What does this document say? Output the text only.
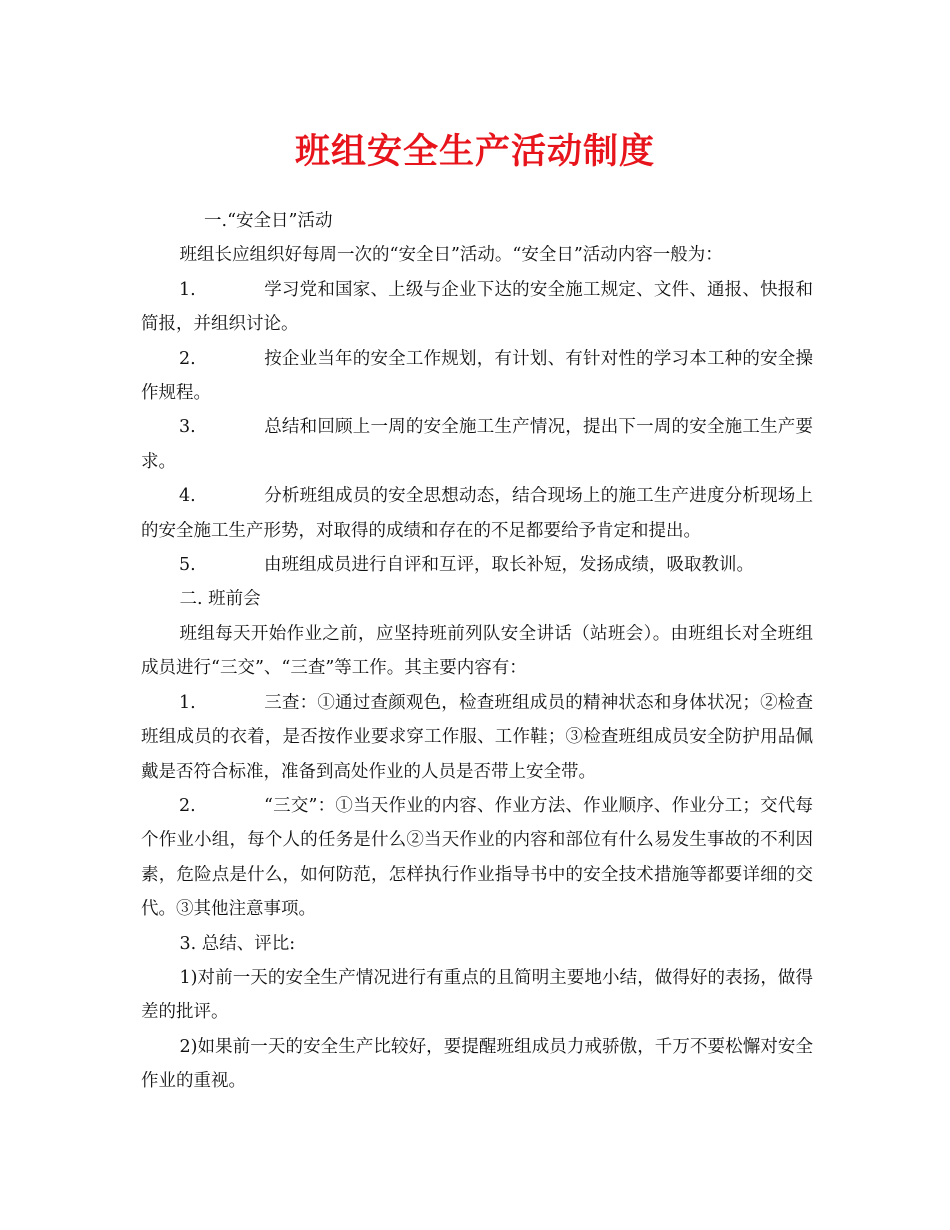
班组安全生产活动制度

一.“安全日”活动

班组长应组织好每周一次的“安全日”活动。“安全日”活动内容一般为：

1.	学习党和国家、上级与企业下达的安全施工规定、文件、通报、快报和简报，并组织讨论。

2.	按企业当年的安全工作规划，有计划、有针对性的学习本工种的安全操作规程。

3.	总结和回顾上一周的安全施工生产情况，提出下一周的安全施工生产要求。

4.	分析班组成员的安全思想动态，结合现场上的施工生产进度分析现场上的安全施工生产形势，对取得的成绩和存在的不足都要给予肯定和提出。

5.	由班组成员进行自评和互评，取长补短，发扬成绩，吸取教训。

二. 班前会

班组每天开始作业之前，应坚持班前列队安全讲话（站班会）。由班组长对全班组成员进行“三交”、“三查”等工作。其主要内容有：

1.	三查：①通过查颜观色，检查班组成员的精神状态和身体状况；②检查班组成员的衣着，是否按作业要求穿工作服、工作鞋；③检查班组成员安全防护用品佩戴是否符合标准，准备到高处作业的人员是否带上安全带。

2.	“三交”：①当天作业的内容、作业方法、作业顺序、作业分工；交代每个作业小组，每个人的任务是什么②当天作业的内容和部位有什么易发生事故的不利因素，危险点是什么，如何防范，怎样执行作业指导书中的安全技术措施等都要详细的交代。③其他注意事项。

3. 总结、评比:

1)对前一天的安全生产情况进行有重点的且简明主要地小结，做得好的表扬，做得差的批评。

2)如果前一天的安全生产比较好，要提醒班组成员力戒骄傲，千万不要松懈对安全作业的重视。
